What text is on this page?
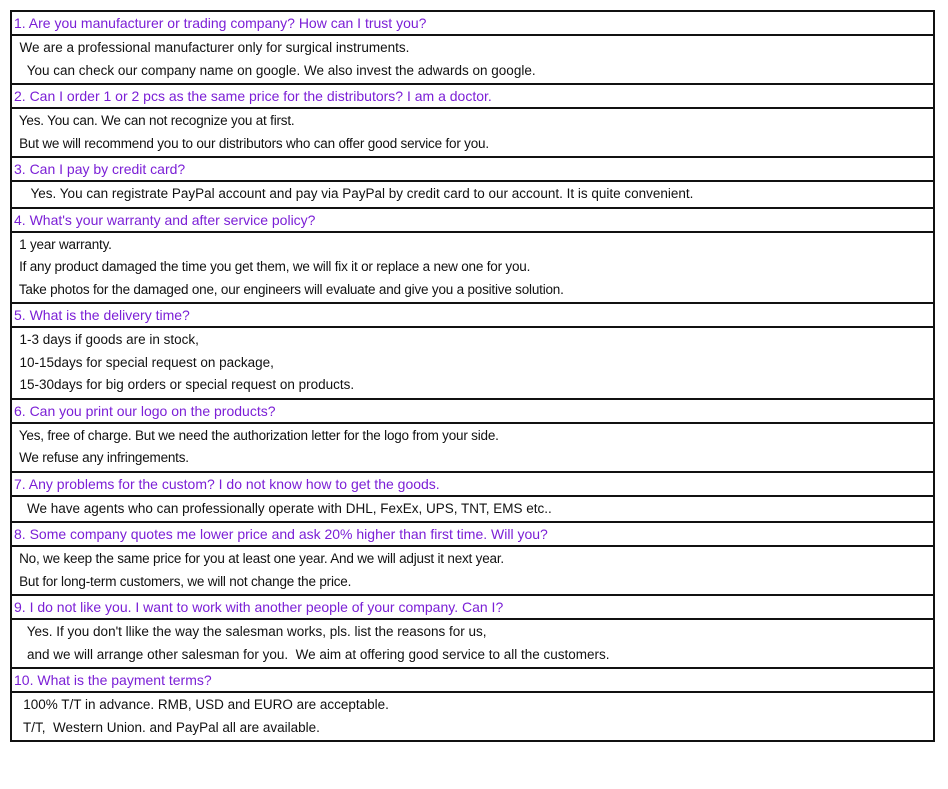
1. Are you manufacturer or trading company? How can I trust you?
We are a professional manufacturer only for surgical instruments.
You can check our company name on google. We also invest the adwards on google.
2. Can I order 1 or 2 pcs as the same price for the distributors? I am a doctor.
Yes. You can. We can not recognize you at first.
But we will recommend you to our distributors who can offer good service for you.
3. Can I pay by credit card?
Yes. You can registrate PayPal account and pay via PayPal by credit card to our account. It is quite convenient.
4. What's your warranty and after service policy?
1 year warranty.
If any product damaged the time you get them, we will fix it or replace a new one for you.
Take photos for the damaged one, our engineers will evaluate and give you a positive solution.
5. What is the delivery time?
1-3 days if goods are in stock,
10-15days for special request on package,
15-30days for big orders or special request on products.
6. Can you print our logo on the products?
Yes, free of charge. But we need the authorization letter for the logo from your side.
We refuse any infringements.
7. Any problems for the custom? I do not know how to get the goods.
We have agents who can professionally operate with DHL, FexEx, UPS, TNT, EMS etc..
8. Some company quotes me lower price and ask 20% higher than first time. Will you?
No, we keep the same price for you at least one year. And we will adjust it next year.
But for long-term customers, we will not change the price.
9. I do not like you. I want to work with another people of your company. Can I?
Yes. If you don't llike the way the salesman works, pls. list the reasons for us,
and we will arrange other salesman for you.  We aim at offering good service to all the customers.
10. What is the payment terms?
100% T/T in advance. RMB, USD and EURO are acceptable.
T/T,  Western Union. and PayPal all are available.
